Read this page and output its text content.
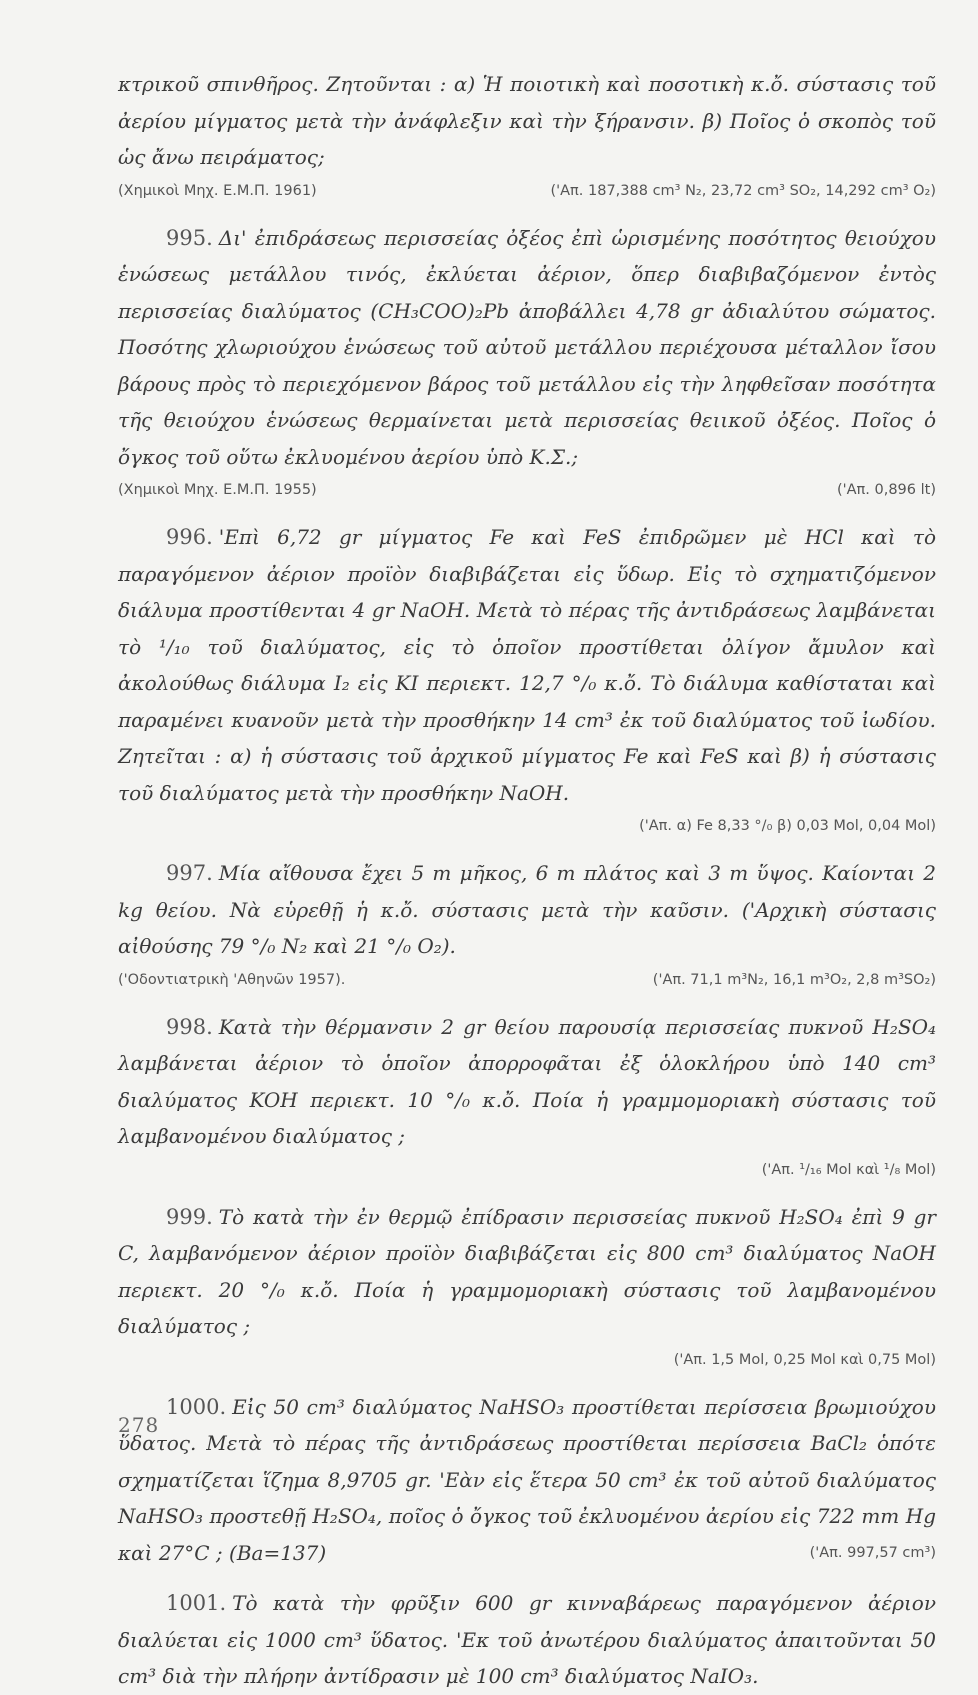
κτρικοῦ σπινθῆρος. Ζητοῦνται : α) Ἡ ποιοτικὴ καὶ ποσοτικὴ κ.ὄ. σύστασις τοῦ ἀερίου μίγματος μετὰ τὴν ἀνάφλεξιν καὶ τὴν ξήρανσιν. β) Ποῖος ὁ σκοπὸς τοῦ ὡς ἄνω πειράματος;

(Χημικοὶ Μηχ. Ε.Μ.Π. 1961)	('Απ. 187,388 cm³ N₂, 23,72 cm³ SO₂, 14,292 cm³ O₂)

995. Δι' ἐπιδράσεως περισσείας ὀξέος ἐπὶ ὡρισμένης ποσότητος θειούχου ἑνώσεως μετάλλου τινός, ἐκλύεται ἀέριον, ὅπερ διαβιβαζόμενον ἐντὸς περισσείας διαλύματος (CH₃COO)₂Pb ἀποβάλλει 4,78 gr ἀδιαλύτου σώματος. Ποσότης χλωριούχου ἑνώσεως τοῦ αὐτοῦ μετάλλου περιέχουσα μέταλλον ἴσου βάρους πρὸς τὸ περιεχόμενον βάρος τοῦ μετάλλου εἰς τὴν ληφθεῖσαν ποσότητα τῆς θειούχου ἑνώσεως θερμαίνεται μετὰ περισσείας θειικοῦ ὀξέος. Ποῖος ὁ ὄγκος τοῦ οὕτω ἐκλυομένου ἀερίου ὑπὸ Κ.Σ.;

(Χημικοὶ Μηχ. Ε.Μ.Π. 1955)	('Απ. 0,896 lt)

996. 'Επὶ 6,72 gr μίγματος Fe καὶ FeS ἐπιδρῶμεν μὲ HCl καὶ τὸ παραγόμενον ἀέριον προϊὸν διαβιβάζεται εἰς ὕδωρ. Εἰς τὸ σχηματιζόμενον διάλυμα προστίθενται 4 gr NaOH. Μετὰ τὸ πέρας τῆς ἀντιδράσεως λαμβάνεται τὸ ¹/₁₀ τοῦ διαλύματος, εἰς τὸ ὁποῖον προστίθεται ὀλίγον ἄμυλον καὶ ἀκολούθως διάλυμα I₂ εἰς KI περιεκτ. 12,7 °/₀ κ.ὄ. Τὸ διάλυμα καθίσταται καὶ παραμένει κυανοῦν μετὰ τὴν προσθήκην 14 cm³ ἐκ τοῦ διαλύματος τοῦ ἰωδίου. Ζητεῖται : α) ἡ σύστασις τοῦ ἀρχικοῦ μίγματος Fe καὶ FeS καὶ β) ἡ σύστασις τοῦ διαλύματος μετὰ τὴν προσθήκην NaOH.

('Απ. α) Fe 8,33 °/₀ β) 0,03 Mol, 0,04 Mol)

997. Μία αἴθουσα ἔχει 5 m μῆκος, 6 m πλάτος καὶ 3 m ὕψος. Καίονται 2 kg θείου. Νὰ εὑρεθῇ ἡ κ.ὄ. σύστασις μετὰ τὴν καῦσιν. ('Αρχικὴ σύστασις αἰθούσης 79 °/₀ N₂ καὶ 21 °/₀ O₂).

('Οδοντιατρικὴ 'Αθηνῶν 1957).	('Απ. 71,1 m³N₂, 16,1 m³O₂, 2,8 m³SO₂)

998. Κατὰ τὴν θέρμανσιν 2 gr θείου παρουσίᾳ περισσείας πυκνοῦ H₂SO₄ λαμβάνεται ἀέριον τὸ ὁποῖον ἀπορροφᾶται ἐξ ὁλοκλήρου ὑπὸ 140 cm³ διαλύματος KOH περιεκτ. 10 °/₀ κ.ὄ. Ποία ἡ γραμμομοριακὴ σύστασις τοῦ λαμβανομένου διαλύματος ;

('Απ. ¹/₁₆ Mol καὶ ¹/₈ Mol)

999. Τὸ κατὰ τὴν ἐν θερμῷ ἐπίδρασιν περισσείας πυκνοῦ H₂SO₄ ἐπὶ 9 gr C, λαμβανόμενον ἀέριον προϊὸν διαβιβάζεται εἰς 800 cm³ διαλύματος NaOH περιεκτ. 20 °/₀ κ.ὄ. Ποία ἡ γραμμομοριακὴ σύστασις τοῦ λαμβανομένου διαλύματος ;

('Απ. 1,5 Mol, 0,25 Mol καὶ 0,75 Mol)

1000. Εἰς 50 cm³ διαλύματος NaHSO₃ προστίθεται περίσσεια βρωμιούχου ὕδατος. Μετὰ τὸ πέρας τῆς ἀντιδράσεως προστίθεται περίσσεια BaCl₂ ὁπότε σχηματίζεται ἵζημα 8,9705 gr. 'Εὰν εἰς ἕτερα 50 cm³ ἐκ τοῦ αὐτοῦ διαλύματος NaHSO₃ προστεθῇ H₂SO₄, ποῖος ὁ ὄγκος τοῦ ἐκλυομένου ἀερίου εἰς 722 mm Hg καὶ 27°C ; (Ba=137)	('Απ. 997,57 cm³)

1001. Τὸ κατὰ τὴν φρῦξιν 600 gr κινναβάρεως παραγόμενον ἀέριον διαλύεται εἰς 1000 cm³ ὕδατος. 'Εκ τοῦ ἀνωτέρου διαλύματος ἀπαιτοῦνται 50 cm³ διὰ τὴν πλήρην ἀντίδρασιν μὲ 100 cm³ διαλύματος NaIO₃.

278
